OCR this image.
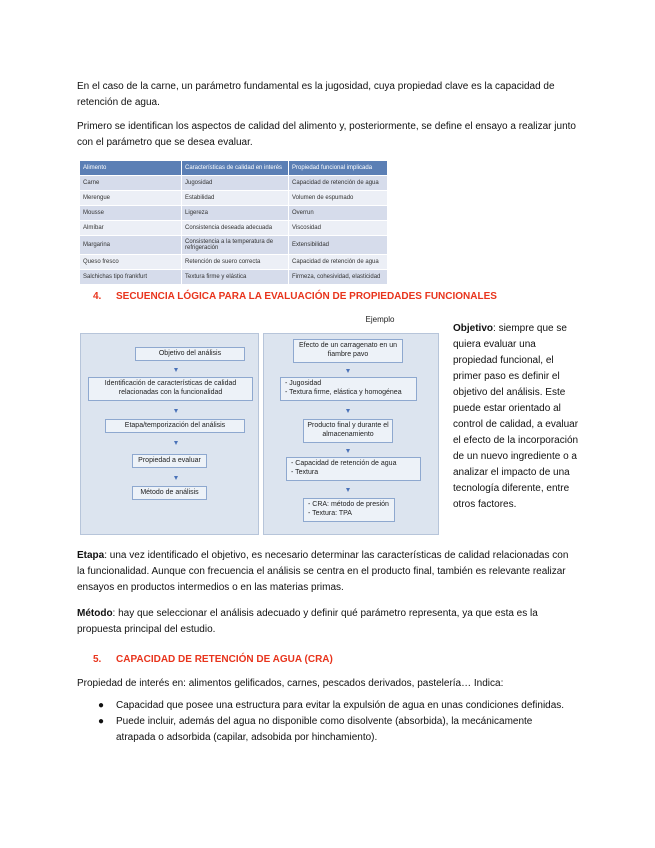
En el caso de la carne, un parámetro fundamental es la jugosidad, cuya propiedad clave es la capacidad de retención de agua.

Primero se identifican los aspectos de calidad del alimento y, posteriormente, se define el ensayo a realizar junto con el parámetro que se desea evaluar.

Alimento	Características de calidad en interés	Propiedad funcional implicada
Carne	Jugosidad	Capacidad de retención de agua
Merengue	Estabilidad	Volumen de espumado
Mousse	Ligereza	Overrun
Almíbar	Consistencia deseada adecuada	Viscosidad
Margarina	Consistencia a la temperatura de refrigeración	Extensibilidad
Queso fresco	Retención de suero correcta	Capacidad de retención de agua
Salchichas tipo frankfurt	Textura firme y elástica	Firmeza, cohesividad, elasticidad
4. SECUENCIA LÓGICA PARA LA EVALUACIÓN DE PROPIEDADES FUNCIONALES
Ejemplo
Objetivo del análisis
Identificación de características de calidad relacionadas con la funcionalidad
Etapa/temporización del análisis
Propiedad a evaluar
Método de análisis
Efecto de un carragenato en un fiambre pavo
- Jugosidad
- Textura firme, elástica y homogénea
Producto final y durante el almacenamiento
- Capacidad de retención de agua
- Textura
- CRA: método de presión
- Textura: TPA
Objetivo: siempre que se quiera evaluar una propiedad funcional, el primer paso es definir el objetivo del análisis. Este puede estar orientado al control de calidad, a evaluar el efecto de la incorporación de un nuevo ingrediente o a analizar el impacto de una tecnología diferente, entre otros factores.

Etapa: una vez identificado el objetivo, es necesario determinar las características de calidad relacionadas con la funcionalidad. Aunque con frecuencia el análisis se centra en el producto final, también es relevante realizar ensayos en productos intermedios o en las materias primas.

Método: hay que seleccionar el análisis adecuado y definir qué parámetro representa, ya que esta es la propuesta principal del estudio.

5. CAPACIDAD DE RETENCIÓN DE AGUA (CRA)

Propiedad de interés en: alimentos gelificados, carnes, pescados derivados, pastelería… Indica:

● Capacidad que posee una estructura para evitar la expulsión de agua en unas condiciones definidas.
● Puede incluir, además del agua no disponible como disolvente (absorbida), la mecánicamente atrapada o adsorbida (capilar, adsobida por hinchamiento).
